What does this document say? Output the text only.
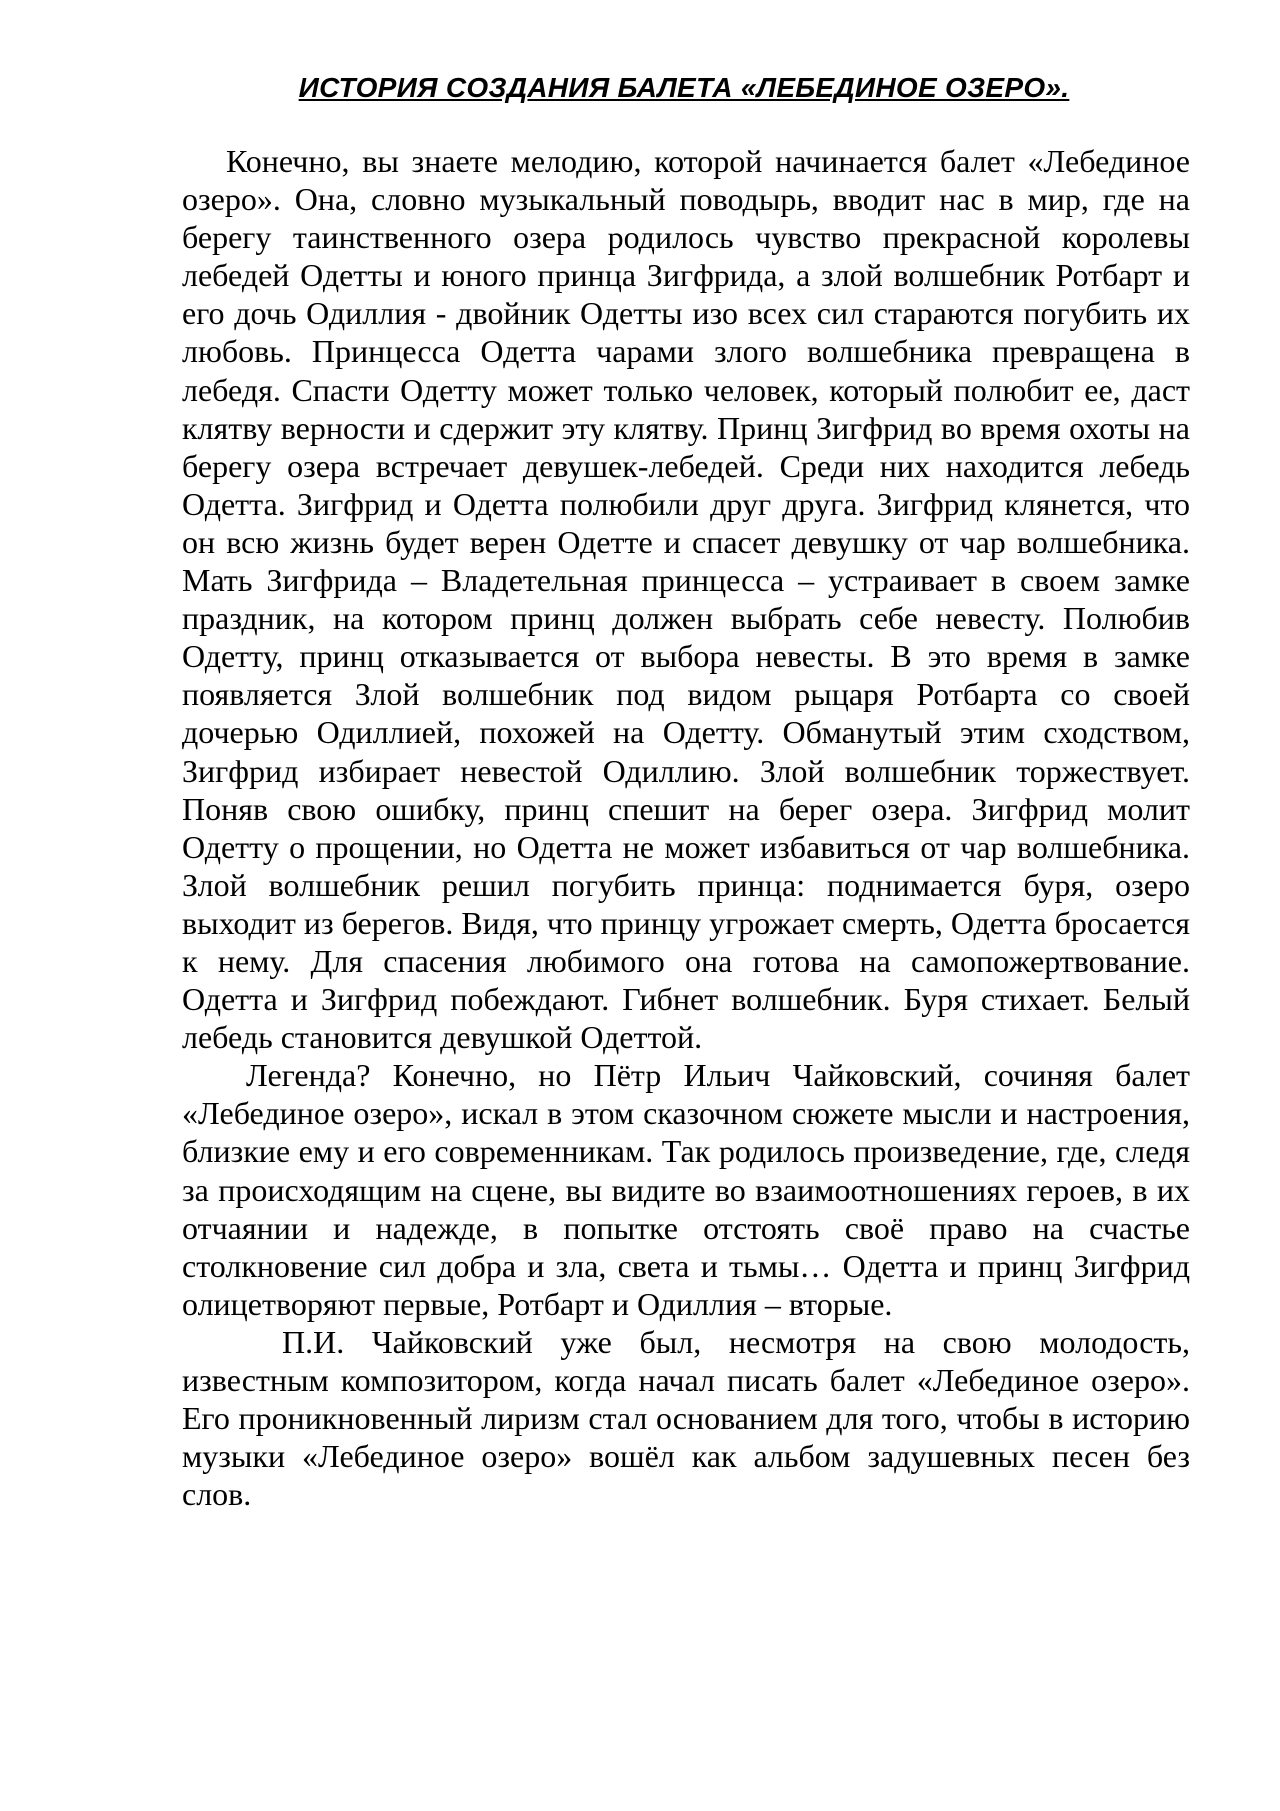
ИСТОРИЯ СОЗДАНИЯ БАЛЕТА «ЛЕБЕДИНОЕ ОЗЕРО».

Конечно, вы знаете мелодию, которой начинается балет «Лебединое озеро». Она, словно музыкальный поводырь, вводит нас в мир, где на берегу таинственного озера родилось чувство прекрасной королевы лебедей Одетты и юного принца Зигфрида, а злой волшебник Ротбарт и его дочь Одиллия - двойник Одетты изо всех сил стараются погубить их любовь. Принцесса Одетта чарами злого волшебника превращена в лебедя. Спасти Одетту может только человек, который полюбит ее, даст клятву верности и сдержит эту клятву. Принц Зигфрид во время охоты на берегу озера встречает девушек-лебедей. Среди них находится лебедь Одетта. Зигфрид и Одетта полюбили друг друга. Зигфрид клянется, что он всю жизнь будет верен Одетте и спасет девушку от чар волшебника. Мать Зигфрида – Владетельная принцесса – устраивает в своем замке праздник, на котором принц должен выбрать себе невесту. Полюбив Одетту, принц отказывается от выбора невесты. В это время в замке появляется Злой волшебник под видом рыцаря Ротбарта со своей дочерью Одиллией, похожей на Одетту. Обманутый этим сходством, Зигфрид избирает невестой Одиллию. Злой волшебник торжествует. Поняв свою ошибку, принц спешит на берег озера. Зигфрид молит Одетту о прощении, но Одетта не может избавиться от чар волшебника. Злой волшебник решил погубить принца: поднимается буря, озеро выходит из берегов. Видя, что принцу угрожает смерть, Одетта бросается к нему. Для спасения любимого она готова на самопожертвование. Одетта и Зигфрид побеждают. Гибнет волшебник. Буря стихает. Белый лебедь становится девушкой Одеттой.

Легенда? Конечно, но Пётр Ильич Чайковский, сочиняя балет «Лебединое озеро», искал в этом сказочном сюжете мысли и настроения, близкие ему и его современникам. Так родилось произведение, где, следя за происходящим на сцене, вы видите во взаимоотношениях героев, в их отчаянии и надежде, в попытке отстоять своё право на счастье столкновение сил добра и зла, света и тьмы… Одетта и принц Зигфрид олицетворяют первые, Ротбарт и Одиллия – вторые.

П.И. Чайковский уже был, несмотря на свою молодость, известным композитором, когда начал писать балет «Лебединое озеро». Его проникновенный лиризм стал основанием для того, чтобы в историю музыки «Лебединое озеро» вошёл как альбом задушевных песен без слов.
